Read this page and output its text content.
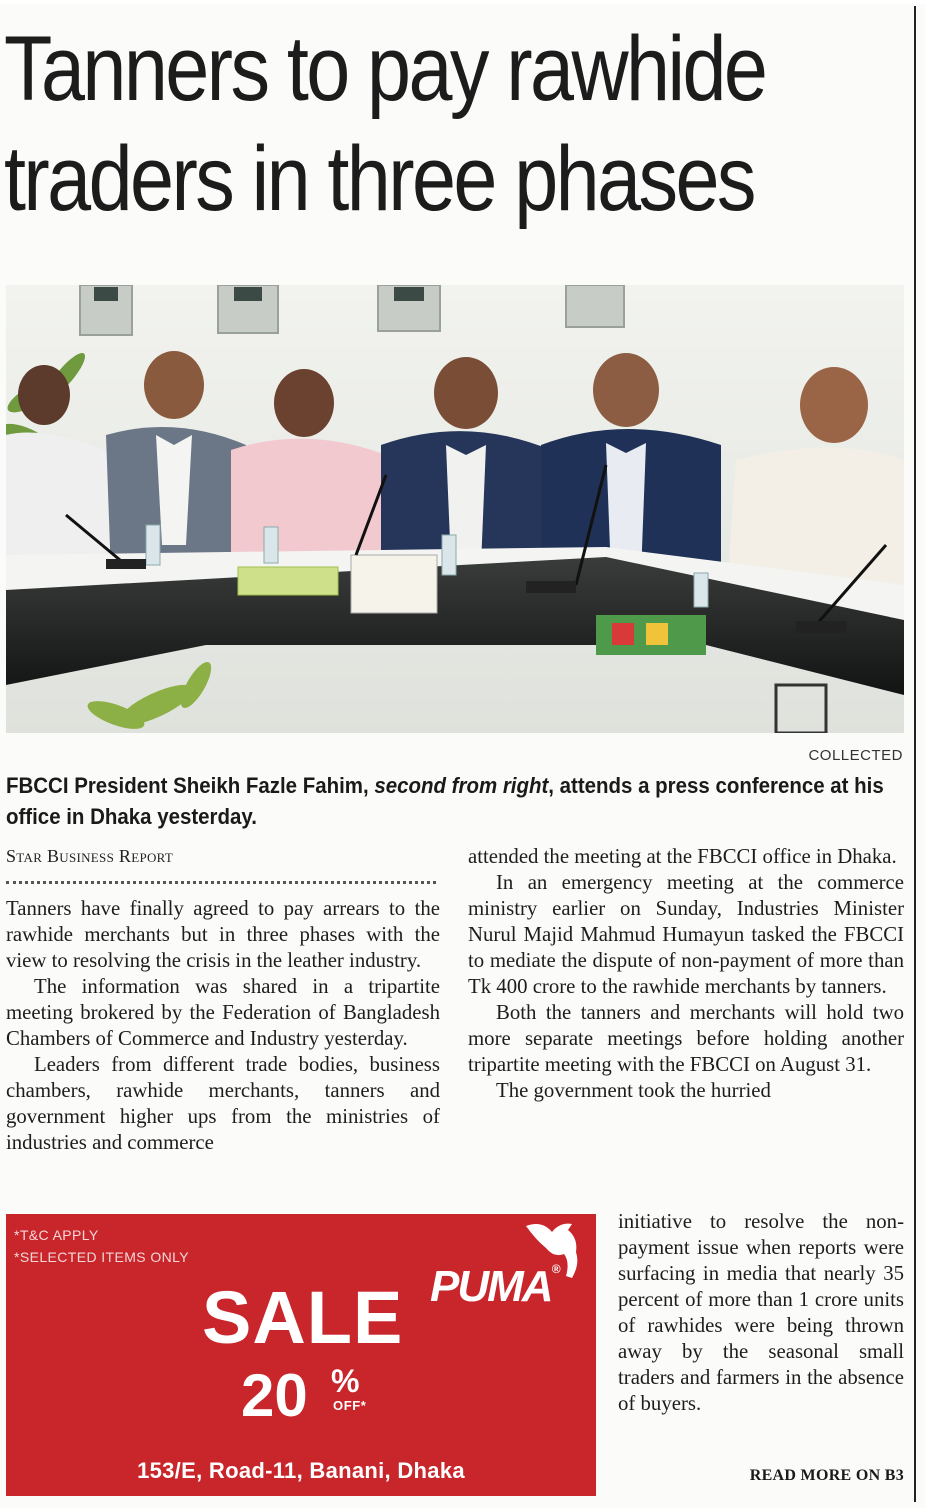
Tanners to pay rawhide
traders in three phases

COLLECTED

FBCCI President Sheikh Fazle Fahim, second from right, attends a press conference at his office in Dhaka yesterday.

Star Business Report

Tanners have finally agreed to pay arrears to the rawhide merchants but in three phases with the view to resolving the crisis in the leather industry.

The information was shared in a tripartite meeting brokered by the Federation of Bangladesh Chambers of Commerce and Industry yesterday.

Leaders from different trade bodies, business chambers, rawhide merchants, tanners and government higher ups from the ministries of industries and commerce

attended the meeting at the FBCCI office in Dhaka.

In an emergency meeting at the commerce ministry earlier on Sunday, Industries Minister Nurul Majid Mahmud Humayun tasked the FBCCI to mediate the dispute of non-payment of more than Tk 400 crore to the rawhide merchants by tanners.

Both the tanners and merchants will hold two more separate meetings before holding another tripartite meeting with the FBCCI on August 31.

The government took the hurried

initiative to resolve the non-payment issue when reports were surfacing in media that nearly 35 percent of more than 1 crore units of rawhides were being thrown away by the seasonal small traders and farmers in the absence of buyers.

READ MORE ON B3

*T&C APPLY
*SELECTED ITEMS ONLY
PUMA®
SALE
20 %
OFF*
153/E, Road-11, Banani, Dhaka
